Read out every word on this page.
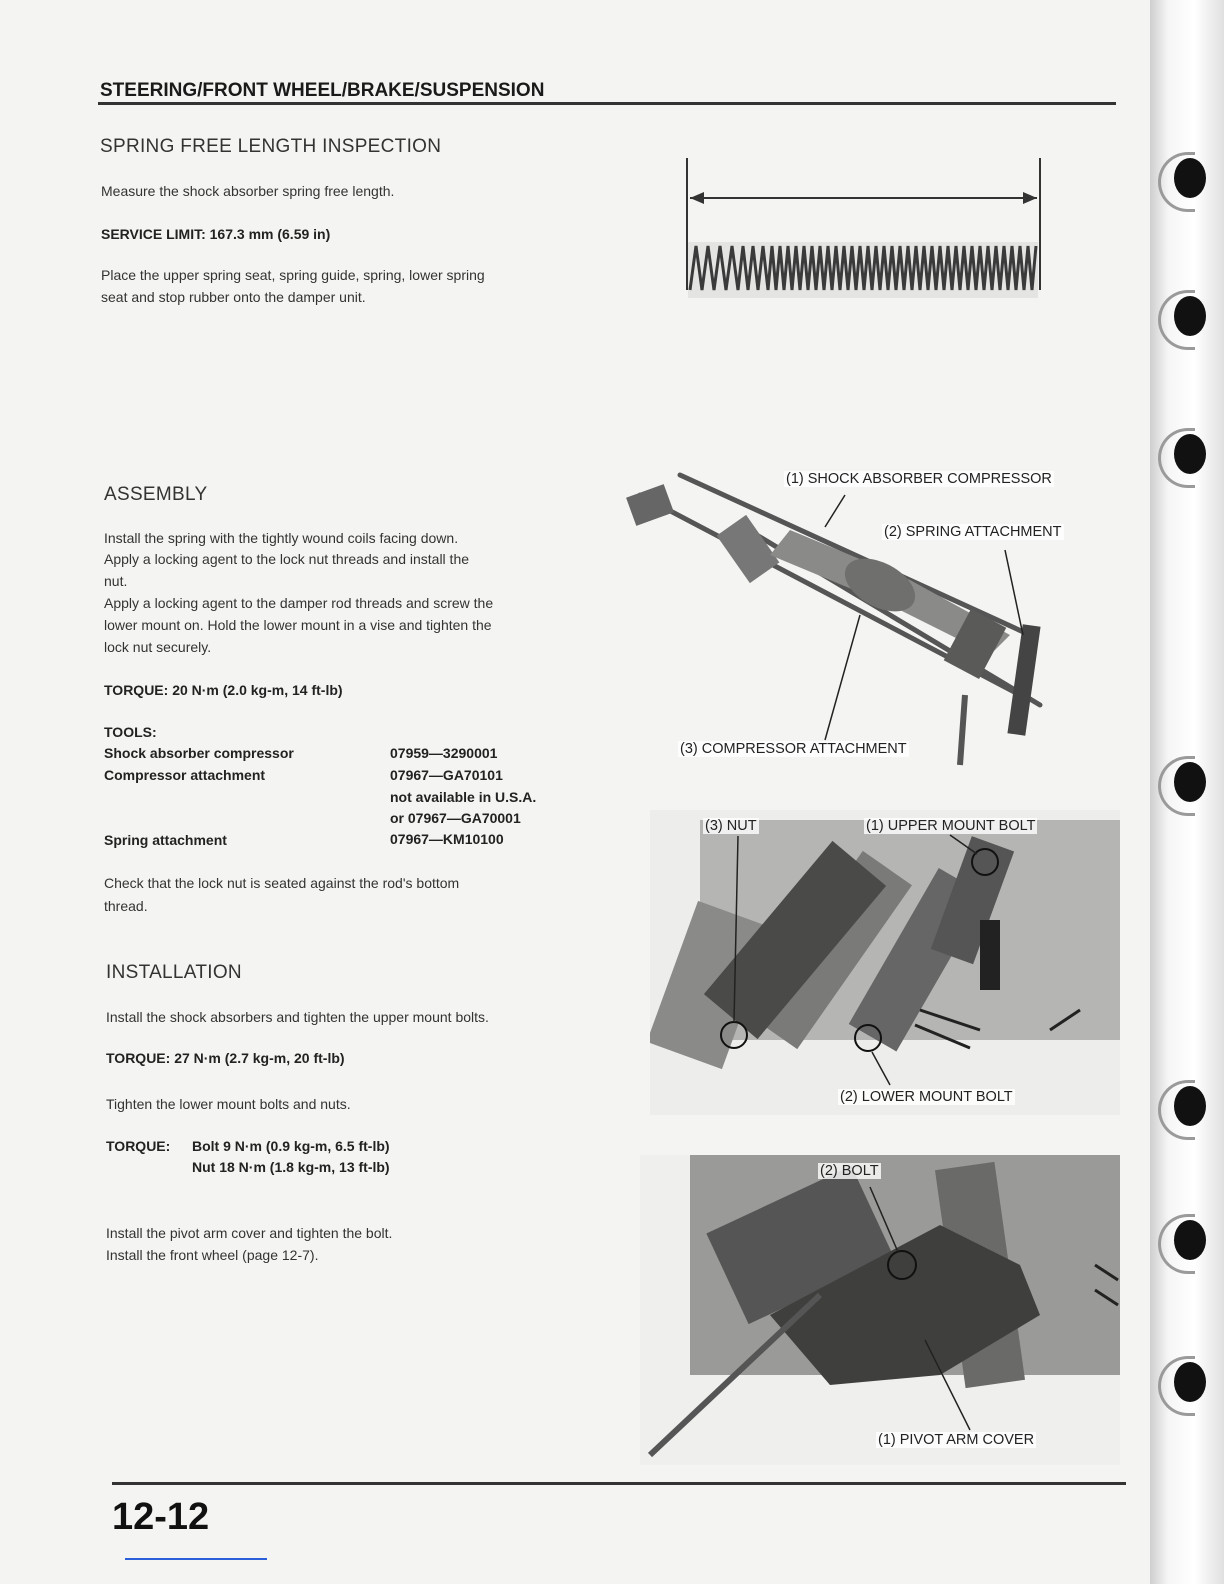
STEERING/FRONT WHEEL/BRAKE/SUSPENSION
SPRING FREE LENGTH INSPECTION
Measure the shock absorber spring free length.
SERVICE LIMIT: 167.3 mm (6.59 in)
Place the upper spring seat, spring guide, spring, lower spring
seat and stop rubber onto the damper unit.
ASSEMBLY
Install the spring with the tightly wound coils facing down.
Apply a locking agent to the lock nut threads and install the
nut.
Apply a locking agent to the damper rod threads and screw the
lower mount on. Hold the lower mount in a vise and tighten the
lock nut securely.
TORQUE: 20 N·m (2.0 kg-m, 14 ft-lb)
TOOLS:
Shock absorber compressor	07959—3290001
Compressor attachment	07967—GA70101
not available in U.S.A.
or 07967—GA70001
Spring attachment	07967—KM10100
Check that the lock nut is seated against the rod's bottom
thread.
INSTALLATION
Install the shock absorbers and tighten the upper mount bolts.
TORQUE: 27 N·m (2.7 kg-m, 20 ft-lb)
Tighten the lower mount bolts and nuts.
TORQUE: Bolt 9 N·m (0.9 kg-m, 6.5 ft-lb)
Nut 18 N·m (1.8 kg-m, 13 ft-lb)
Install the pivot arm cover and tighten the bolt.
Install the front wheel (page 12-7).
(1) SHOCK ABSORBER COMPRESSOR
(2) SPRING ATTACHMENT
(3) COMPRESSOR ATTACHMENT
(3) NUT	(1) UPPER MOUNT BOLT
(2) LOWER MOUNT BOLT
(2) BOLT
(1) PIVOT ARM COVER
12-12
